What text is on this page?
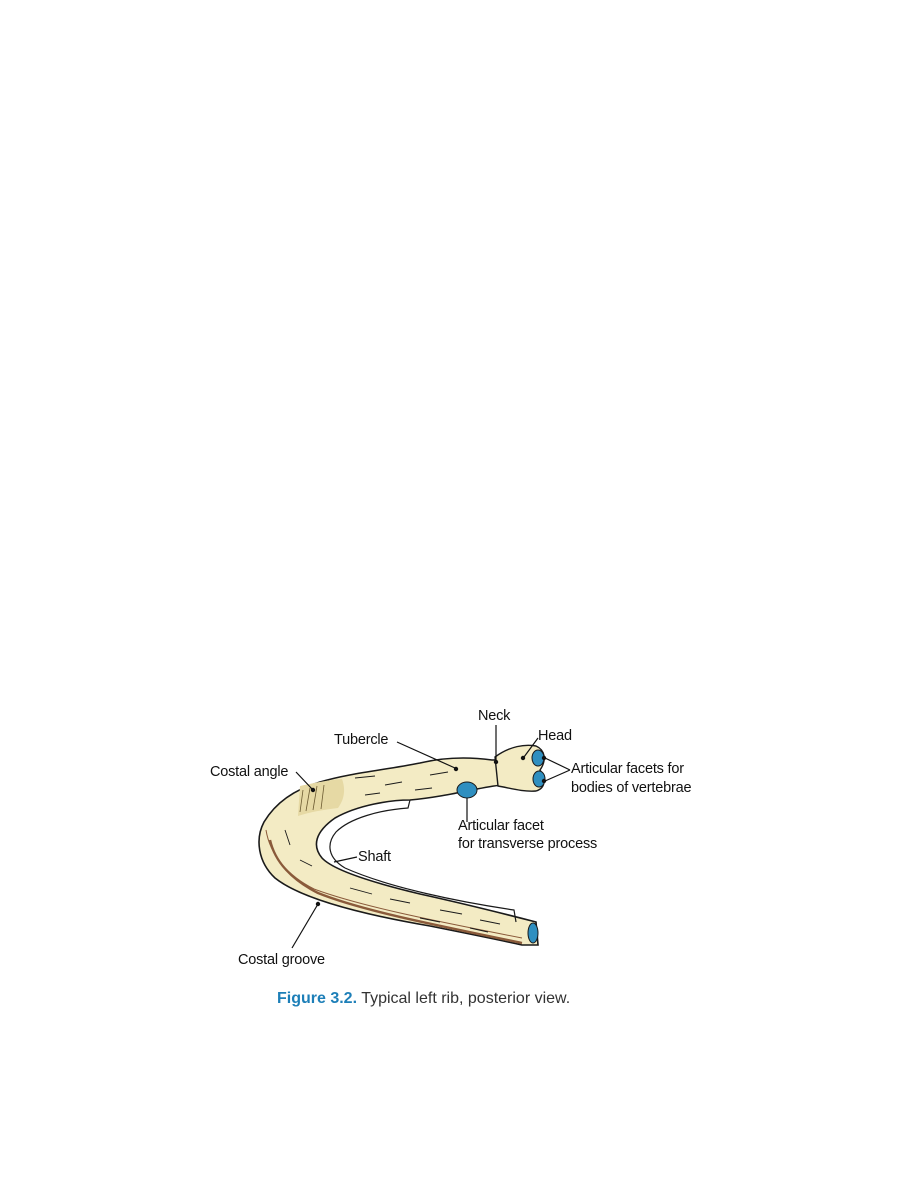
Neck
Head
Tubercle
Costal angle	Articular facets for
bodies of vertebrae
Articular facet
for transverse process
Shaft
Costal groove
Figure 3.2. Typical left rib, posterior view.
